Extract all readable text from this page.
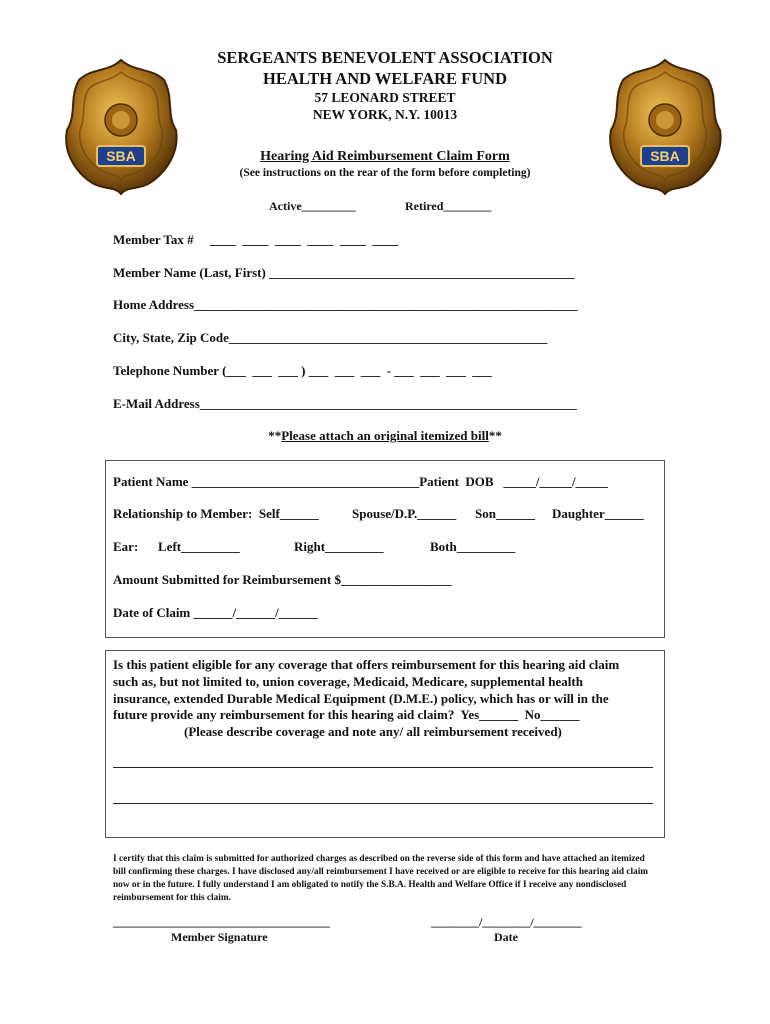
SBA	SBA
SERGEANTS BENEVOLENT ASSOCIATION
HEALTH AND WELFARE FUND
57 LEONARD STREET
NEW YORK, N.Y. 10013
Hearing Aid Reimbursement Claim Form
(See instructions on the rear of the form before completing)
Active_________	Retired________
Member Tax #     ____  ____  ____  ____  ____  ____
Member Name (Last, First) _______________________________________________
Home Address___________________________________________________________
City, State, Zip Code_________________________________________________
Telephone Number (___  ___  ___ ) ___  ___  ___  - ___  ___  ___  ___
E-Mail Address__________________________________________________________
**Please attach an original itemized bill**
Patient Name ___________________________________Patient  DOB   _____/_____/_____
Relationship to Member:  Self______	Spouse/D.P.______ Son______ Daughter______
Ear: Left_________	Right_________	Both_________
Amount Submitted for Reimbursement $_________________
Date of Claim ______/______/______
Is this patient eligible for any coverage that offers reimbursement for this hearing aid claim
such as, but not limited to, union coverage, Medicaid, Medicare, supplemental health
insurance, extended Durable Medical Equipment (D.M.E.) policy, which has or will in the
future provide any reimbursement for this hearing aid claim?  Yes______  No______
(Please describe coverage and note any/ all reimbursement received)
I certify that this claim is submitted for authorized charges as described on the reverse side of this form and have attached an itemized bill confirming these charges. I have disclosed any/all reimbursement I have received or are eligible to receive for this hearing aid claim now or in the future. I fully understand I am obligated to notify the S.B.A. Health and Welfare Office if I receive any nondisclosed reimbursement for this claim.
______________________________________
Member Signature
________/________/________
Date
